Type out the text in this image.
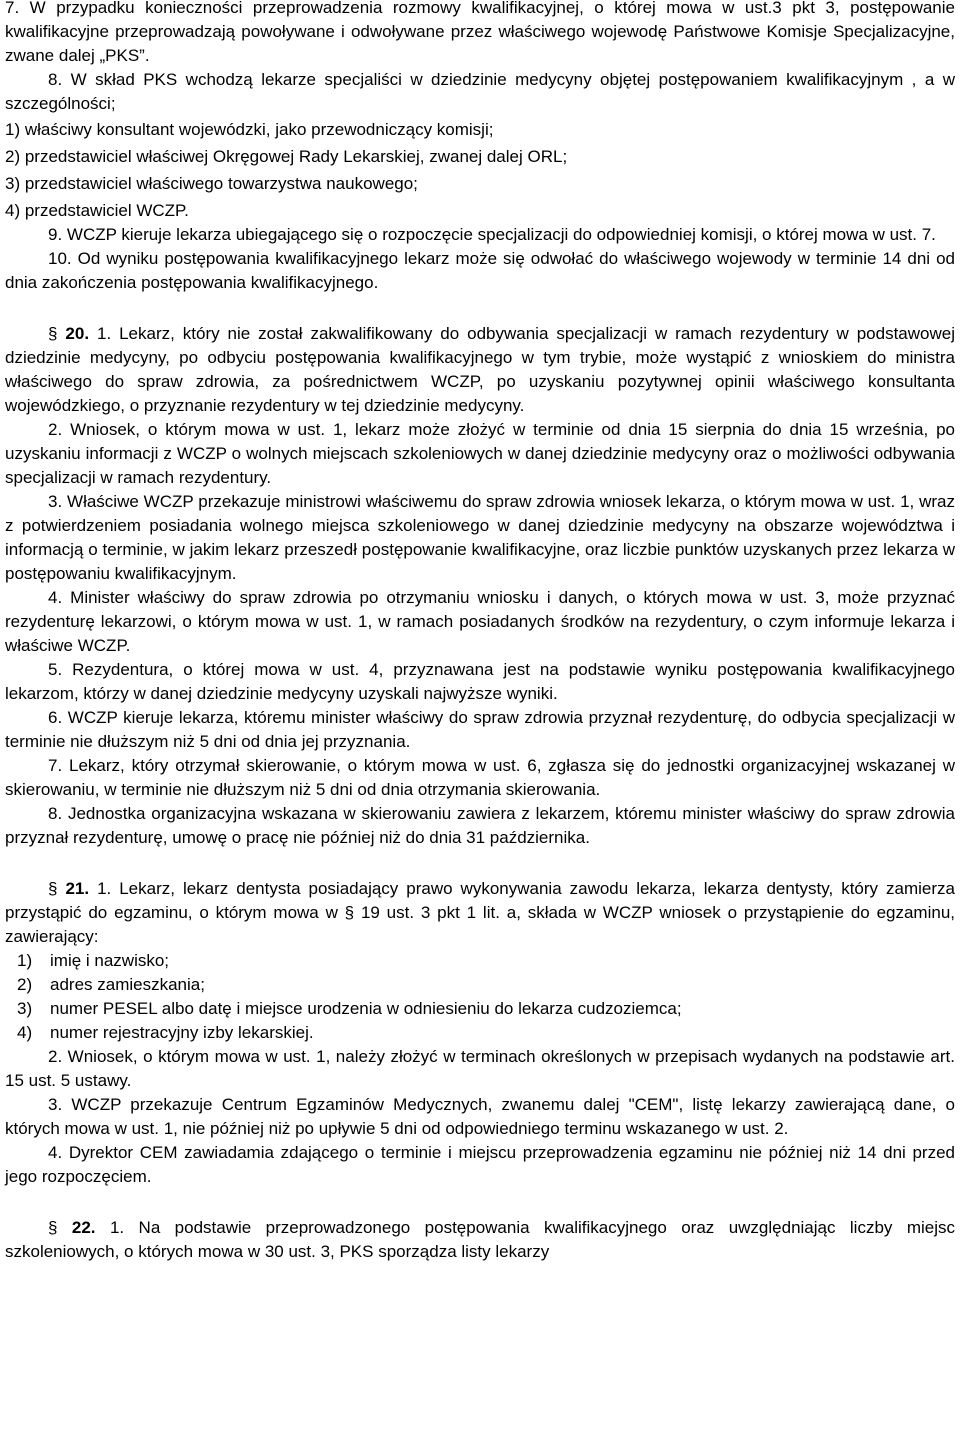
7. W przypadku konieczności przeprowadzenia rozmowy kwalifikacyjnej, o której mowa w ust.3 pkt 3, postępowanie kwalifikacyjne przeprowadzają powoływane i odwoływane przez właściwego wojewodę Państwowe Komisje Specjalizacyjne, zwane dalej „PKS”.

8. W skład PKS wchodzą lekarze specjaliści w dziedzinie medycyny objętej postępowaniem kwalifikacyjnym , a w szczególności;

1) właściwy konsultant wojewódzki, jako przewodniczący komisji;

2) przedstawiciel właściwej Okręgowej Rady Lekarskiej, zwanej dalej ORL;

3) przedstawiciel właściwego towarzystwa naukowego;

4) przedstawiciel WCZP.

9. WCZP kieruje lekarza ubiegającego się o rozpoczęcie specjalizacji do odpowiedniej komisji, o której mowa w ust. 7.

10. Od wyniku postępowania kwalifikacyjnego lekarz może się odwołać do właściwego wojewody w terminie 14 dni od dnia zakończenia postępowania kwalifikacyjnego.

§ 20. 1. Lekarz, który nie został zakwalifikowany do odbywania specjalizacji w ramach rezydentury w podstawowej dziedzinie medycyny, po odbyciu postępowania kwalifikacyjnego w tym trybie, może wystąpić z wnioskiem do ministra właściwego do spraw zdrowia, za pośrednictwem WCZP, po uzyskaniu pozytywnej opinii właściwego konsultanta wojewódzkiego, o przyznanie rezydentury w tej dziedzinie medycyny.

2. Wniosek, o którym mowa w ust. 1, lekarz może złożyć w terminie od dnia 15 sierpnia do dnia 15 września, po uzyskaniu informacji z WCZP o wolnych miejscach szkoleniowych w danej dziedzinie medycyny oraz o możliwości odbywania specjalizacji w ramach rezydentury.

3. Właściwe WCZP przekazuje ministrowi właściwemu do spraw zdrowia wniosek lekarza, o którym mowa w ust. 1, wraz z potwierdzeniem posiadania wolnego miejsca szkoleniowego w danej dziedzinie medycyny na obszarze województwa i informacją o terminie, w jakim lekarz przeszedł postępowanie kwalifikacyjne, oraz liczbie punktów uzyskanych przez lekarza w postępowaniu kwalifikacyjnym.

4. Minister właściwy do spraw zdrowia po otrzymaniu wniosku i danych, o których mowa w ust. 3, może przyznać rezydenturę lekarzowi, o którym mowa w ust. 1, w ramach posiadanych środków na rezydentury, o czym informuje lekarza i właściwe WCZP.

5. Rezydentura, o której mowa w ust. 4, przyznawana jest na podstawie wyniku postępowania kwalifikacyjnego lekarzom, którzy w danej dziedzinie medycyny uzyskali najwyższe wyniki.

6. WCZP kieruje lekarza, któremu minister właściwy do spraw zdrowia przyznał rezydenturę, do odbycia specjalizacji w terminie nie dłuższym niż 5 dni od dnia jej przyznania.

7. Lekarz, który otrzymał skierowanie, o którym mowa w ust. 6, zgłasza się do jednostki organizacyjnej wskazanej w skierowaniu, w terminie nie dłuższym niż 5 dni od dnia otrzymania skierowania.

8. Jednostka organizacyjna wskazana w skierowaniu zawiera z lekarzem, któremu minister właściwy do spraw zdrowia przyznał rezydenturę, umowę o pracę nie później niż do dnia 31 października.

§ 21. 1. Lekarz, lekarz dentysta posiadający prawo wykonywania zawodu lekarza, lekarza dentysty, który zamierza przystąpić do egzaminu, o którym mowa w § 19 ust. 3 pkt 1 lit. a, składa w WCZP wniosek o przystąpienie do egzaminu, zawierający:

1) imię i nazwisko;
2) adres zamieszkania;
3) numer PESEL albo datę i miejsce urodzenia w odniesieniu do lekarza cudzoziemca;
4) numer rejestracyjny izby lekarskiej.

2. Wniosek, o którym mowa w ust. 1, należy złożyć w terminach określonych w przepisach wydanych na podstawie art. 15 ust. 5 ustawy.

3. WCZP przekazuje Centrum Egzaminów Medycznych, zwanemu dalej "CEM", listę lekarzy zawierającą dane, o których mowa w ust. 1, nie później niż po upływie 5 dni od odpowiedniego terminu wskazanego w ust. 2.

4. Dyrektor CEM zawiadamia zdającego o terminie i miejscu przeprowadzenia egzaminu nie później niż 14 dni przed jego rozpoczęciem.

§ 22. 1. Na podstawie przeprowadzonego postępowania kwalifikacyjnego oraz uwzględniając liczby miejsc szkoleniowych, o których mowa w 30 ust. 3, PKS sporządza listy lekarzy
